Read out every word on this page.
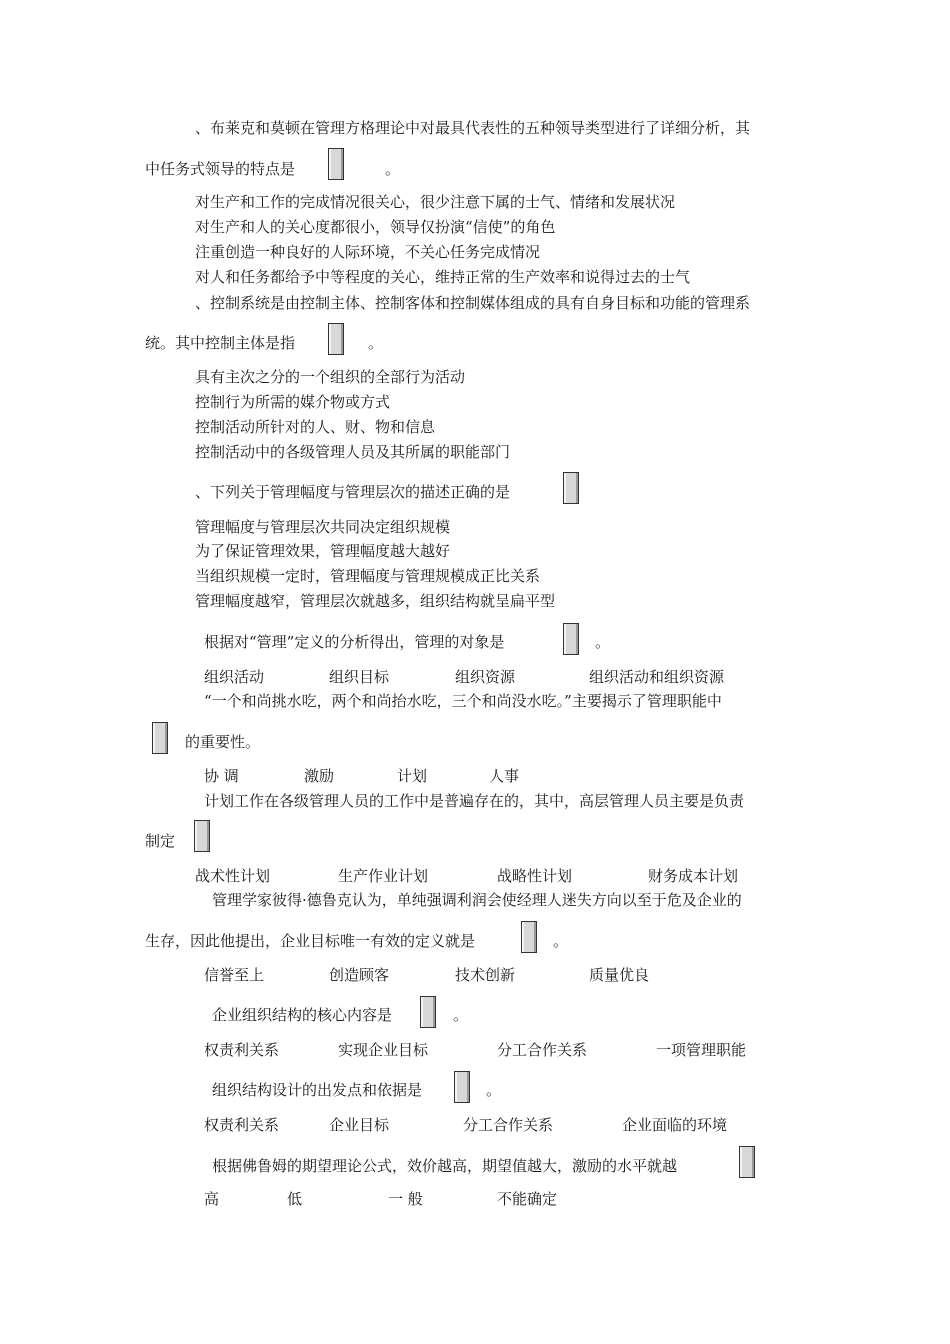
、布莱克和莫顿在管理方格理论中对最具代表性的五种领导类型进行了详细分析，其
中任务式领导的特点是	。
对生产和工作的完成情况很关心，很少注意下属的士气、情绪和发展状况
对生产和人的关心度都很小，领导仅扮演“信使”的角色
注重创造一种良好的人际环境，不关心任务完成情况
对人和任务都给予中等程度的关心，维持正常的生产效率和说得过去的士气
、控制系统是由控制主体、控制客体和控制媒体组成的具有自身目标和功能的管理系
统。其中控制主体是指	。
具有主次之分的一个组织的全部行为活动
控制行为所需的媒介物或方式
控制活动所针对的人、财、物和信息
控制活动中的各级管理人员及其所属的职能部门
、下列关于管理幅度与管理层次的描述正确的是
管理幅度与管理层次共同决定组织规模
为了保证管理效果，管理幅度越大越好
当组织规模一定时，管理幅度与管理规模成正比关系
管理幅度越窄，管理层次就越多，组织结构就呈扁平型
根据对“管理”定义的分析得出，管理的对象是	。
组织活动	组织目标	组织资源	组织活动和组织资源
“一个和尚挑水吃，两个和尚抬水吃，三个和尚没水吃。”主要揭示了管理职能中
的重要性。
协 调	激励	计划	人事
计划工作在各级管理人员的工作中是普遍存在的，其中，高层管理人员主要是负责
制定
战术性计划	生产作业计划	战略性计划	财务成本计划
管理学家彼得·德鲁克认为，单纯强调利润会使经理人迷失方向以至于危及企业的
生存，因此他提出，企业目标唯一有效的定义就是	。
信誉至上	创造顾客	技术创新	质量优良
企业组织结构的核心内容是	。
权责利关系	实现企业目标	分工合作关系	一项管理职能
组织结构设计的出发点和依据是	。
权责利关系	企业目标	分工合作关系	企业面临的环境
根据佛鲁姆的期望理论公式，效价越高，期望值越大，激励的水平就越
高	低	一 般	不能确定
